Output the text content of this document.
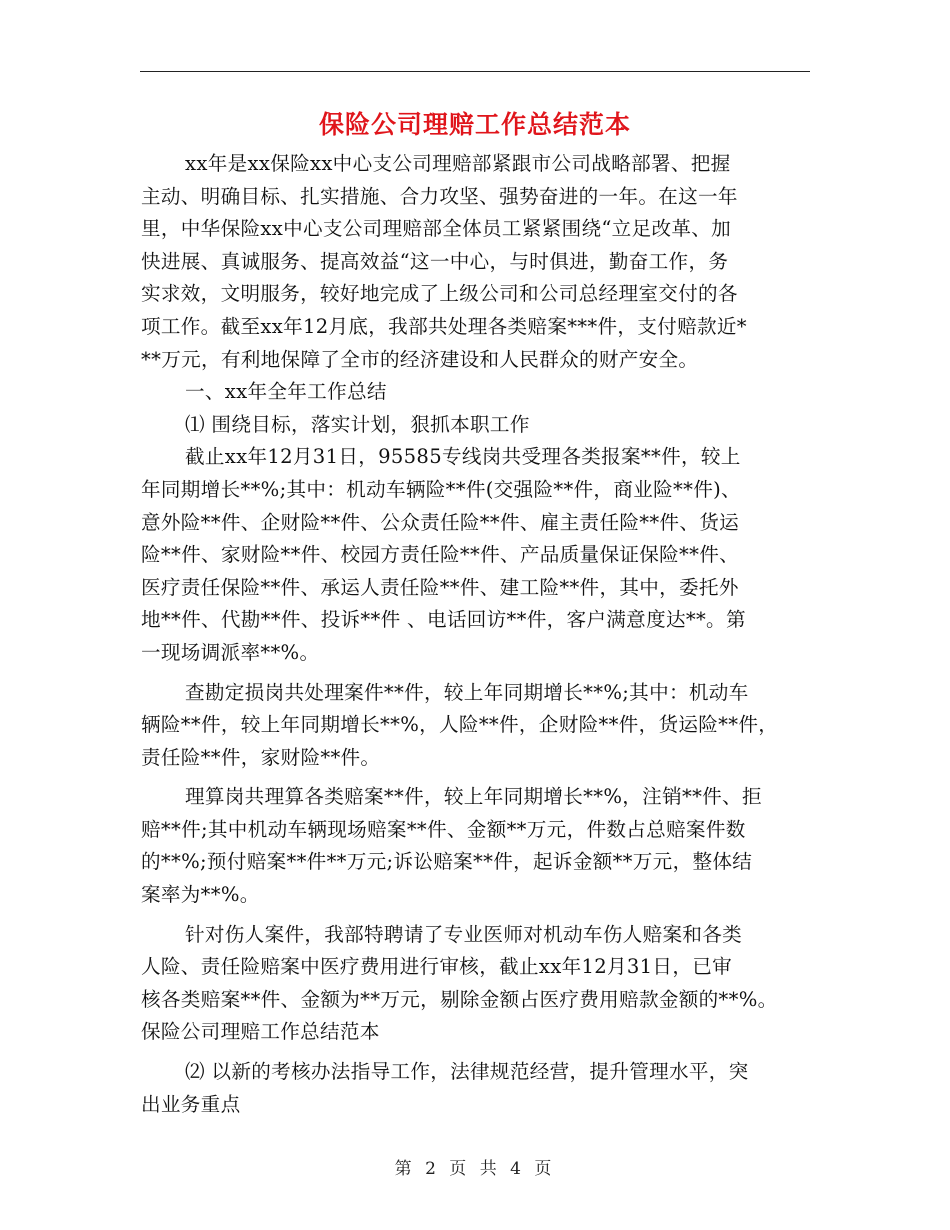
保险公司理赔工作总结范本
xx年是xx保险xx中心支公司理赔部紧跟市公司战略部署、把握
主动、明确目标、扎实措施、合力攻坚、强势奋进的一年。在这一年
里，中华保险xx中心支公司理赔部全体员工紧紧围绕“立足改革、加
快进展、真诚服务、提高效益“这一中心，与时俱进，勤奋工作，务
实求效，文明服务，较好地完成了上级公司和公司总经理室交付的各
项工作。截至xx年12月底，我部共处理各类赔案***件，支付赔款近*
**万元，有利地保障了全市的经济建设和人民群众的财产安全。
一、xx年全年工作总结
⑴ 围绕目标，落实计划，狠抓本职工作
截止xx年12月31日，95585专线岗共受理各类报案**件，较上
年同期增长**%;其中：机动车辆险**件(交强险**件，商业险**件)、
意外险**件、企财险**件、公众责任险**件、雇主责任险**件、货运
险**件、家财险**件、校园方责任险**件、产品质量保证保险**件、
医疗责任保险**件、承运人责任险**件、建工险**件，其中，委托外
地**件、代勘**件、投诉**件 、电话回访**件，客户满意度达**。第
一现场调派率**%。
查勘定损岗共处理案件**件，较上年同期增长**%;其中：机动车
辆险**件，较上年同期增长**%，人险**件，企财险**件，货运险**件，
责任险**件，家财险**件。
理算岗共理算各类赔案**件，较上年同期增长**%，注销**件、拒
赔**件;其中机动车辆现场赔案**件、金额**万元，件数占总赔案件数
的**%;预付赔案**件**万元;诉讼赔案**件，起诉金额**万元，整体结
案率为**%。
针对伤人案件，我部特聘请了专业医师对机动车伤人赔案和各类
人险、责任险赔案中医疗费用进行审核，截止xx年12月31日，已审
核各类赔案**件、金额为**万元，剔除金额占医疗费用赔款金额的**%。
保险公司理赔工作总结范本
⑵ 以新的考核办法指导工作，法律规范经营，提升管理水平，突
出业务重点
第 2 页 共 4 页
